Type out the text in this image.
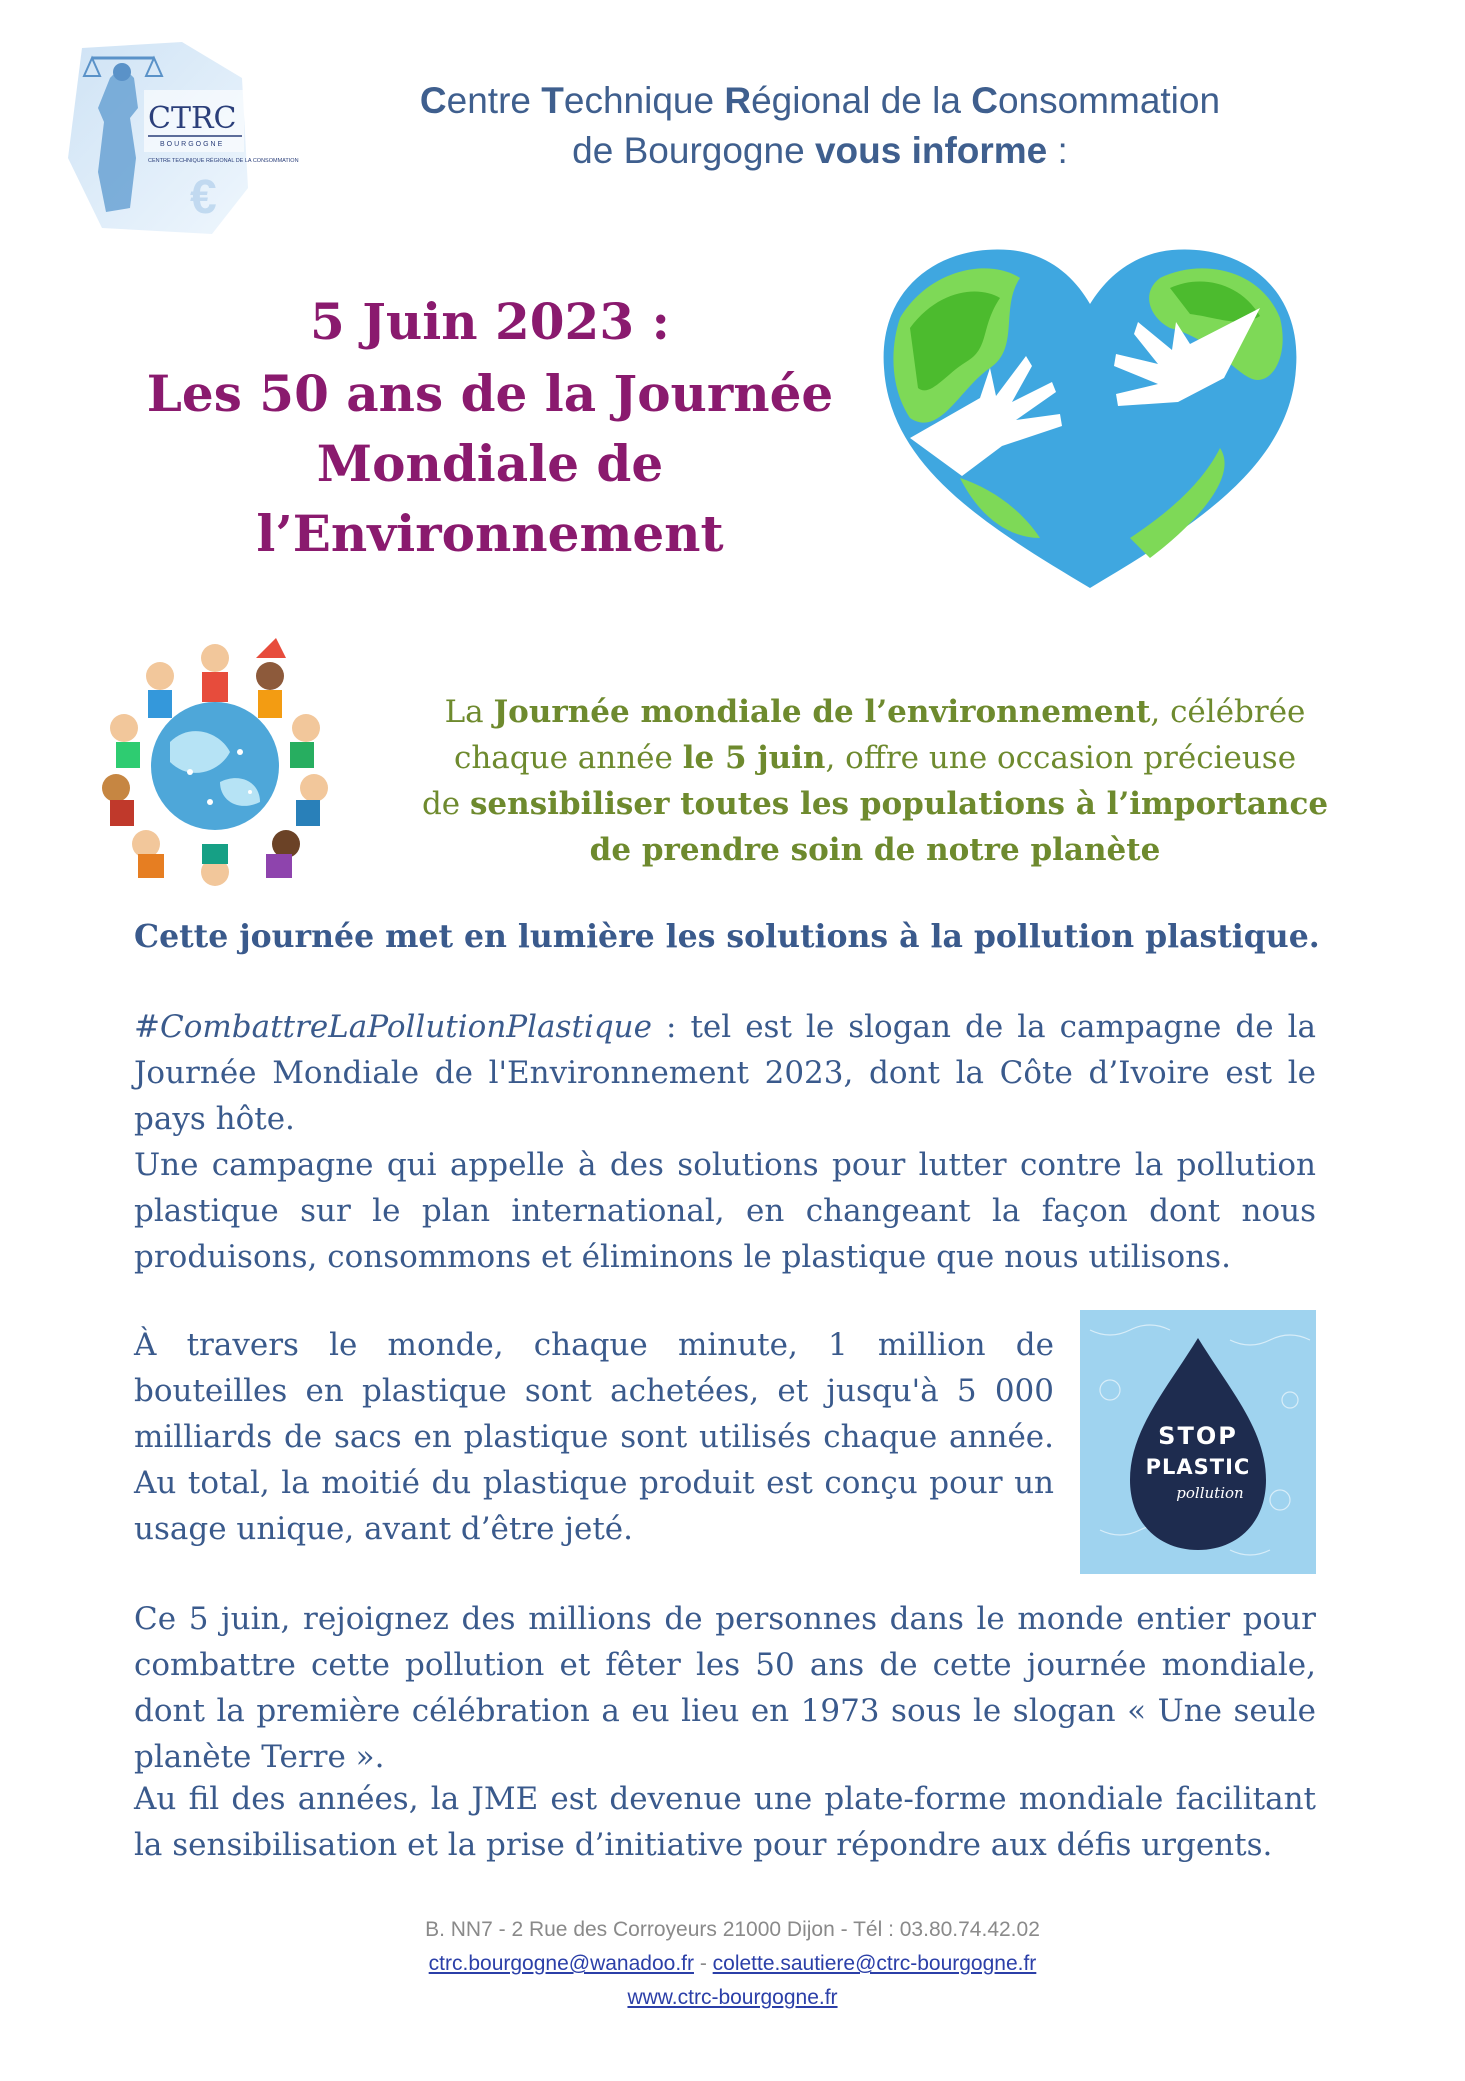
CTRC
BOURGOGNE
CENTRE TECHNIQUE RÉGIONAL DE LA CONSOMMATION
€
Centre Technique Régional de la Consommation
de Bourgogne vous informe :
5 Juin 2023 :
Les 50 ans de la Journée
Mondiale de
l’Environnement
La Journée mondiale de l’environnement, célébrée
chaque année le 5 juin, offre une occasion précieuse
de sensibiliser toutes les populations à l’importance
de prendre soin de notre planète
Cette journée met en lumière les solutions à la pollution plastique.
#CombattreLaPollutionPlastique : tel est le slogan de la campagne de la Journée Mondiale de l'Environnement 2023, dont la Côte d’Ivoire est le pays hôte.
Une campagne qui appelle à des solutions pour lutter contre la pollution plastique sur le plan international, en changeant la façon dont nous produisons, consommons et éliminons le plastique que nous utilisons.
À travers le monde, chaque minute, 1 million de bouteilles en plastique sont achetées, et jusqu'à 5 000 milliards de sacs en plastique sont utilisés chaque année. Au total, la moitié du plastique produit est conçu pour un usage unique, avant d’être jeté.
STOP
PLASTIC
pollution
Ce 5 juin, rejoignez des millions de personnes dans le monde entier pour combattre cette pollution et fêter les 50 ans de cette journée mondiale, dont la première célébration a eu lieu en 1973 sous le slogan « Une seule planète Terre ».
Au fil des années, la JME est devenue une plate-forme mondiale facilitant la sensibilisation et la prise d’initiative pour répondre aux défis urgents.
B. NN7 - 2 Rue des Corroyeurs 21000 Dijon - Tél : 03.80.74.42.02
ctrc.bourgogne@wanadoo.fr - colette.sautiere@ctrc-bourgogne.fr
www.ctrc-bourgogne.fr
